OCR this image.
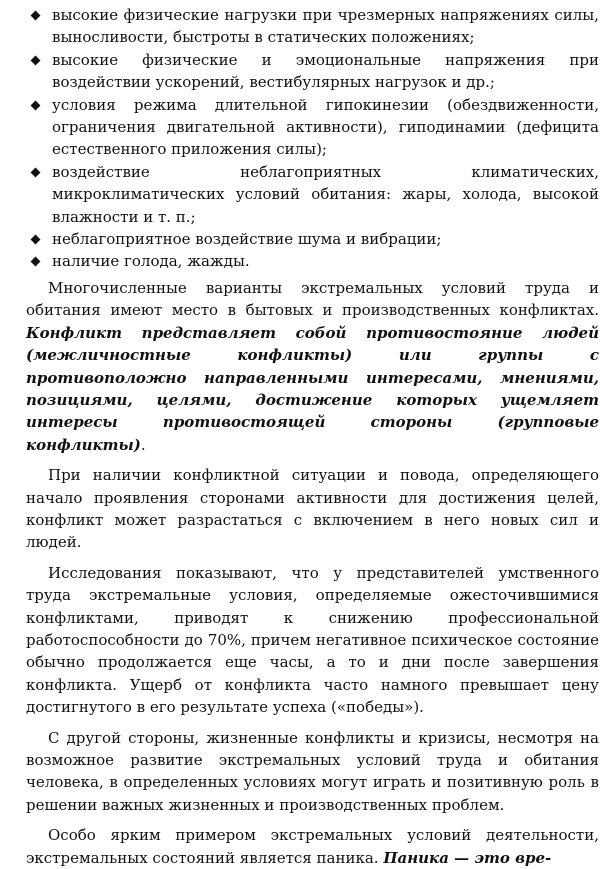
высокие физические нагрузки при чрезмерных напряжениях силы, выносливости, быстроты в статических положениях;
высокие физические и эмоциональные напряжения при воздействии ускорений, вестибулярных нагрузок и др.;
условия режима длительной гипокинезии (обездвиженности, ограничения двигательной активности), гиподинамии (дефицита естественного приложения силы);
воздействие неблагоприятных климатических, микроклиматических условий обитания: жары, холода, высокой влажности и т. п.;
неблагоприятное воздействие шума и вибрации;
наличие голода, жажды.

Многочисленные варианты экстремальных условий труда и обитания имеют место в бытовых и производственных конфликтах. Конфликт представляет собой противостояние людей (межличностные конфликты) или группы с противоположно направленными интересами, мнениями, позициями, целями, достижение которых ущемляет интересы противостоящей стороны (групповые конфликты).

При наличии конфликтной ситуации и повода, определяющего начало проявления сторонами активности для достижения целей, конфликт может разрастаться с включением в него новых сил и людей.

Исследования показывают, что у представителей умственного труда экстремальные условия, определяемые ожесточившимися конфликтами, приводят к снижению профессиональной работоспособности до 70%, причем негативное психическое состояние обычно продолжается еще часы, а то и дни после завершения конфликта. Ущерб от конфликта часто намного превышает цену достигнутого в его результате успеха («победы»).

С другой стороны, жизненные конфликты и кризисы, несмотря на возможное развитие экстремальных условий труда и обитания человека, в определенных условиях могут играть и позитивную роль в решении важных жизненных и производственных проблем.

Особо ярким примером экстремальных условий деятельности, экстремальных состояний является паника. Паника — это вре-
